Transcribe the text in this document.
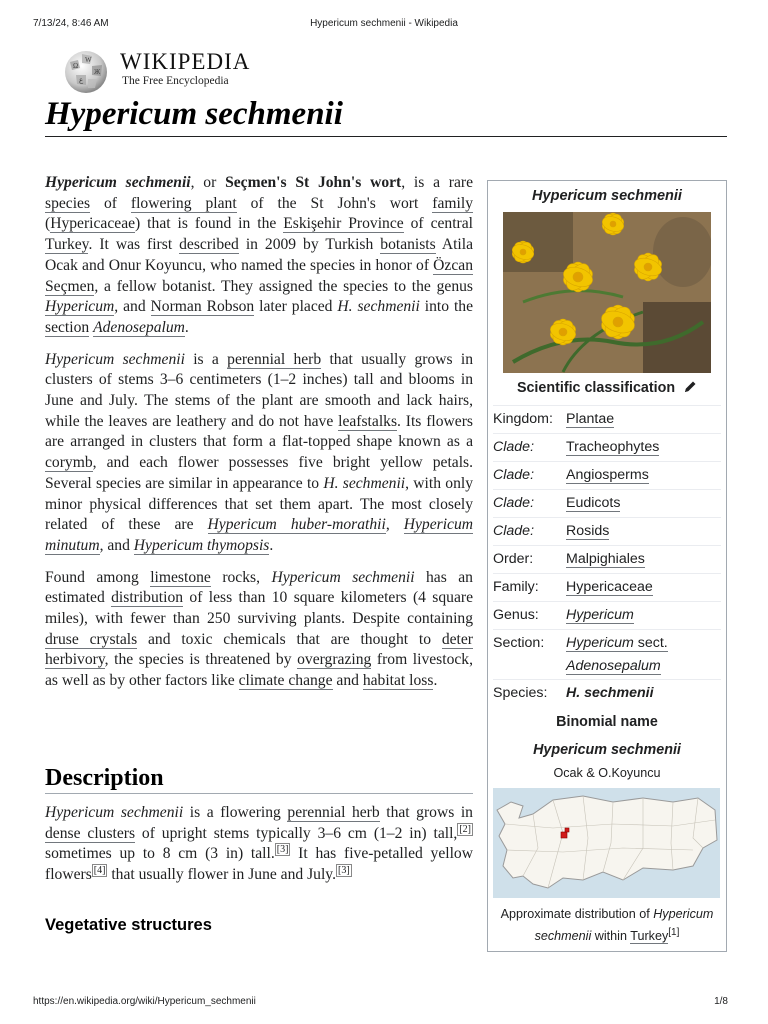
7/13/24, 8:46 AM	Hypericum sechmenii - Wikipedia
Ω
W
Ж
ع
WIKIPEDIA
The Free Encyclopedia
Hypericum sechmenii

Hypericum sechmenii, or Seçmen's St John's wort, is a rare species of flowering plant of the St John's wort family (Hypericaceae) that is found in the Eskişehir Province of central Turkey. It was first described in 2009 by Turkish botanists Atila Ocak and Onur Koyuncu, who named the species in honor of Özcan Seçmen, a fellow botanist. They assigned the species to the genus Hypericum, and Norman Robson later placed H. sechmenii into the section Adenosepalum.

Hypericum sechmenii is a perennial herb that usually grows in clusters of stems 3–6 centimeters (1–2 inches) tall and blooms in June and July. The stems of the plant are smooth and lack hairs, while the leaves are leathery and do not have leafstalks. Its flowers are arranged in clusters that form a flat-topped shape known as a corymb, and each flower possesses five bright yellow petals. Several species are similar in appearance to H. sechmenii, with only minor physical differences that set them apart. The most closely related of these are Hypericum huber-morathii, Hypericum minutum, and Hypericum thymopsis.

Found among limestone rocks, Hypericum sechmenii has an estimated distribution of less than 10 square kilometers (4 square miles), with fewer than 250 surviving plants. Despite containing druse crystals and toxic chemicals that are thought to deter herbivory, the species is threatened by overgrazing from livestock, as well as by other factors like climate change and habitat loss.

Description
Hypericum sechmenii is a flowering perennial herb that grows in dense clusters of upright stems typically 3–6 cm (1–2 in) tall, [2] sometimes up to 8 cm (3 in) tall. [3] It has five-petalled yellow flowers [4] that usually flower in June and July. [3]
Vegetative structures
Hypericum sechmenii
Scientific classification
Kingdom: Plantae
Clade: Tracheophytes
Clade: Angiosperms
Clade: Eudicots
Clade: Rosids
Order: Malpighiales
Family: Hypericaceae
Genus: Hypericum
Section: Hypericum sect.
Adenosepalum
Species: H. sechmenii
Binomial name
Hypericum sechmenii
Ocak & O.Koyuncu
Approximate distribution of Hypericum sechmenii within Turkey[1]
https://en.wikipedia.org/wiki/Hypericum_sechmenii	1/8
